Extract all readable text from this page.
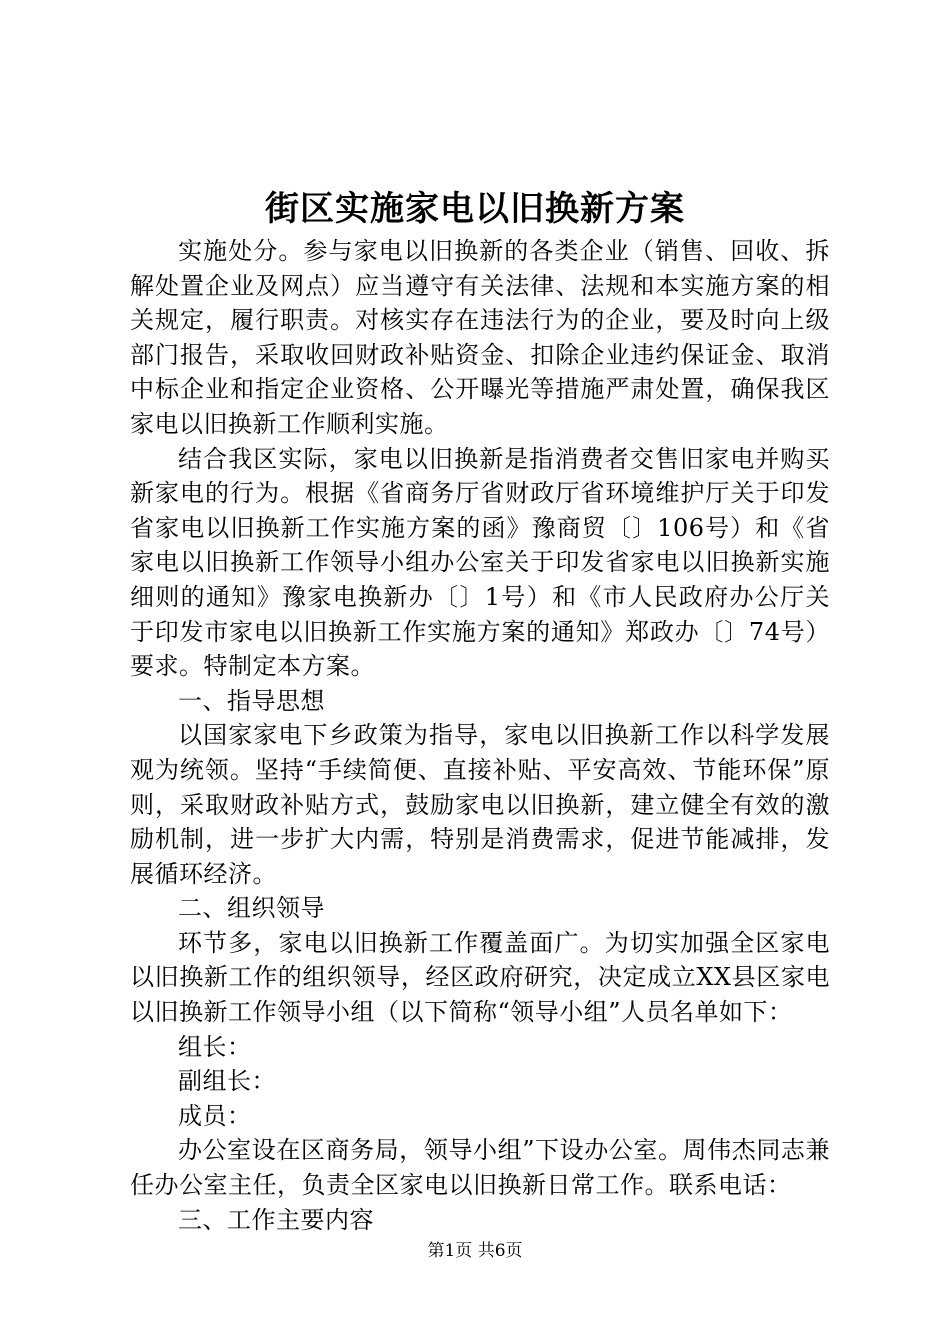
街区实施家电以旧换新方案

实施处分。参与家电以旧换新的各类企业（销售、回收、拆解处置企业及网点）应当遵守有关法律、法规和本实施方案的相关规定，履行职责。对核实存在违法行为的企业，要及时向上级部门报告，采取收回财政补贴资金、扣除企业违约保证金、取消中标企业和指定企业资格、公开曝光等措施严肃处置，确保我区家电以旧换新工作顺利实施。

结合我区实际，家电以旧换新是指消费者交售旧家电并购买新家电的行为。根据《省商务厅省财政厅省环境维护厅关于印发省家电以旧换新工作实施方案的函》豫商贸〔〕106号）和《省家电以旧换新工作领导小组办公室关于印发省家电以旧换新实施细则的通知》豫家电换新办〔〕1号）和《市人民政府办公厅关于印发市家电以旧换新工作实施方案的通知》郑政办〔〕74号）要求。特制定本方案。

一、指导思想

以国家家电下乡政策为指导，家电以旧换新工作以科学发展观为统领。坚持“手续简便、直接补贴、平安高效、节能环保”原则，采取财政补贴方式，鼓励家电以旧换新，建立健全有效的激励机制，进一步扩大内需，特别是消费需求，促进节能减排，发展循环经济。

二、组织领导

环节多，家电以旧换新工作覆盖面广。为切实加强全区家电以旧换新工作的组织领导，经区政府研究，决定成立XX县区家电以旧换新工作领导小组（以下简称“领导小组”人员名单如下：

组长：

副组长：

成员：

办公室设在区商务局，领导小组”下设办公室。周伟杰同志兼任办公室主任，负责全区家电以旧换新日常工作。联系电话：

三、工作主要内容

第1页 共6页
